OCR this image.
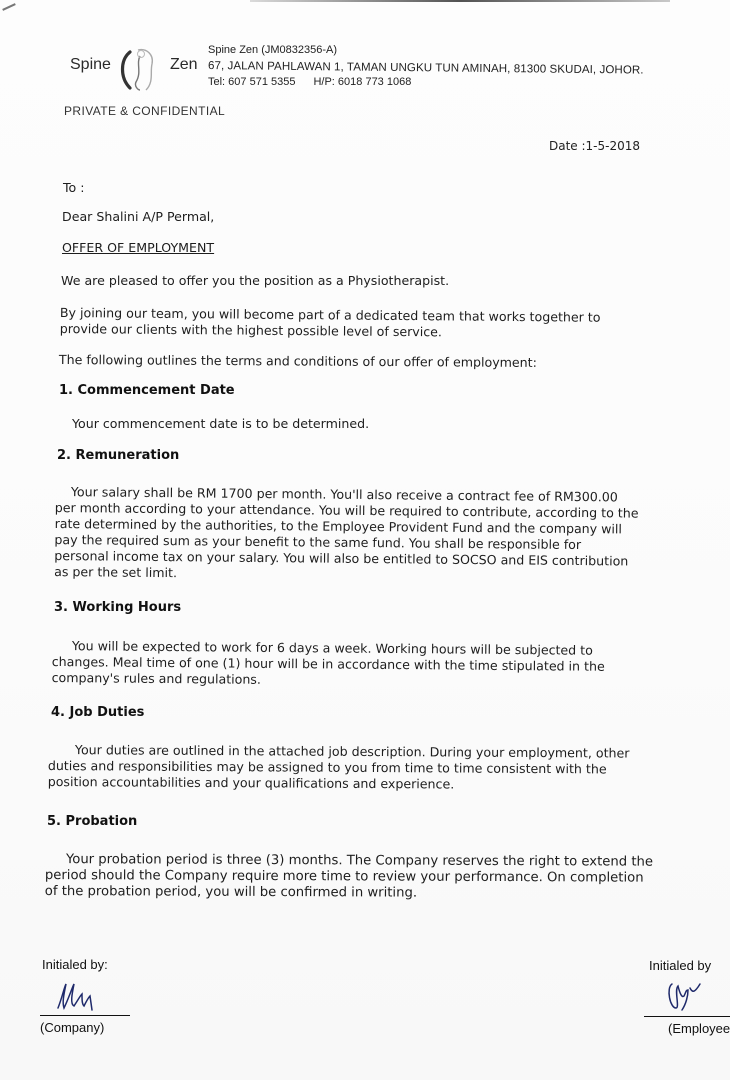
Spine	Zen
Spine Zen (JM0832356-A)
67, JALAN PAHLAWAN 1, TAMAN UNGKU TUN AMINAH, 81300 SKUDAI, JOHOR.
Tel: 607 571 5355 H/P: 6018 773 1068
PRIVATE & CONFIDENTIAL
Date :1-5-2018
To :
Dear Shalini A/P Permal,
OFFER OF EMPLOYMENT
We are pleased to offer you the position as a Physiotherapist.
By joining our team, you will become part of a dedicated team that works together to
provide our clients with the highest possible level of service.
The following outlines the terms and conditions of our offer of employment:
1. Commencement Date
Your commencement date is to be determined.
2. Remuneration
Your salary shall be RM 1700 per month. You'll also receive a contract fee of RM300.00
per month according to your attendance. You will be required to contribute, according to the
rate determined by the authorities, to the Employee Provident Fund and the company will
pay the required sum as your benefit to the same fund. You shall be responsible for
personal income tax on your salary. You will also be entitled to SOCSO and EIS contribution
as per the set limit.
3. Working Hours
You will be expected to work for 6 days a week. Working hours will be subjected to
changes. Meal time of one (1) hour will be in accordance with the time stipulated in the
company's rules and regulations.
4. Job Duties
Your duties are outlined in the attached job description. During your employment, other
duties and responsibilities may be assigned to you from time to time consistent with the
position accountabilities and your qualifications and experience.
5. Probation
Your probation period is three (3) months. The Company reserves the right to extend the
period should the Company require more time to review your performance. On completion
of the probation period, you will be confirmed in writing.
Initialed by:
(Company)
Initialed by
(Employee
